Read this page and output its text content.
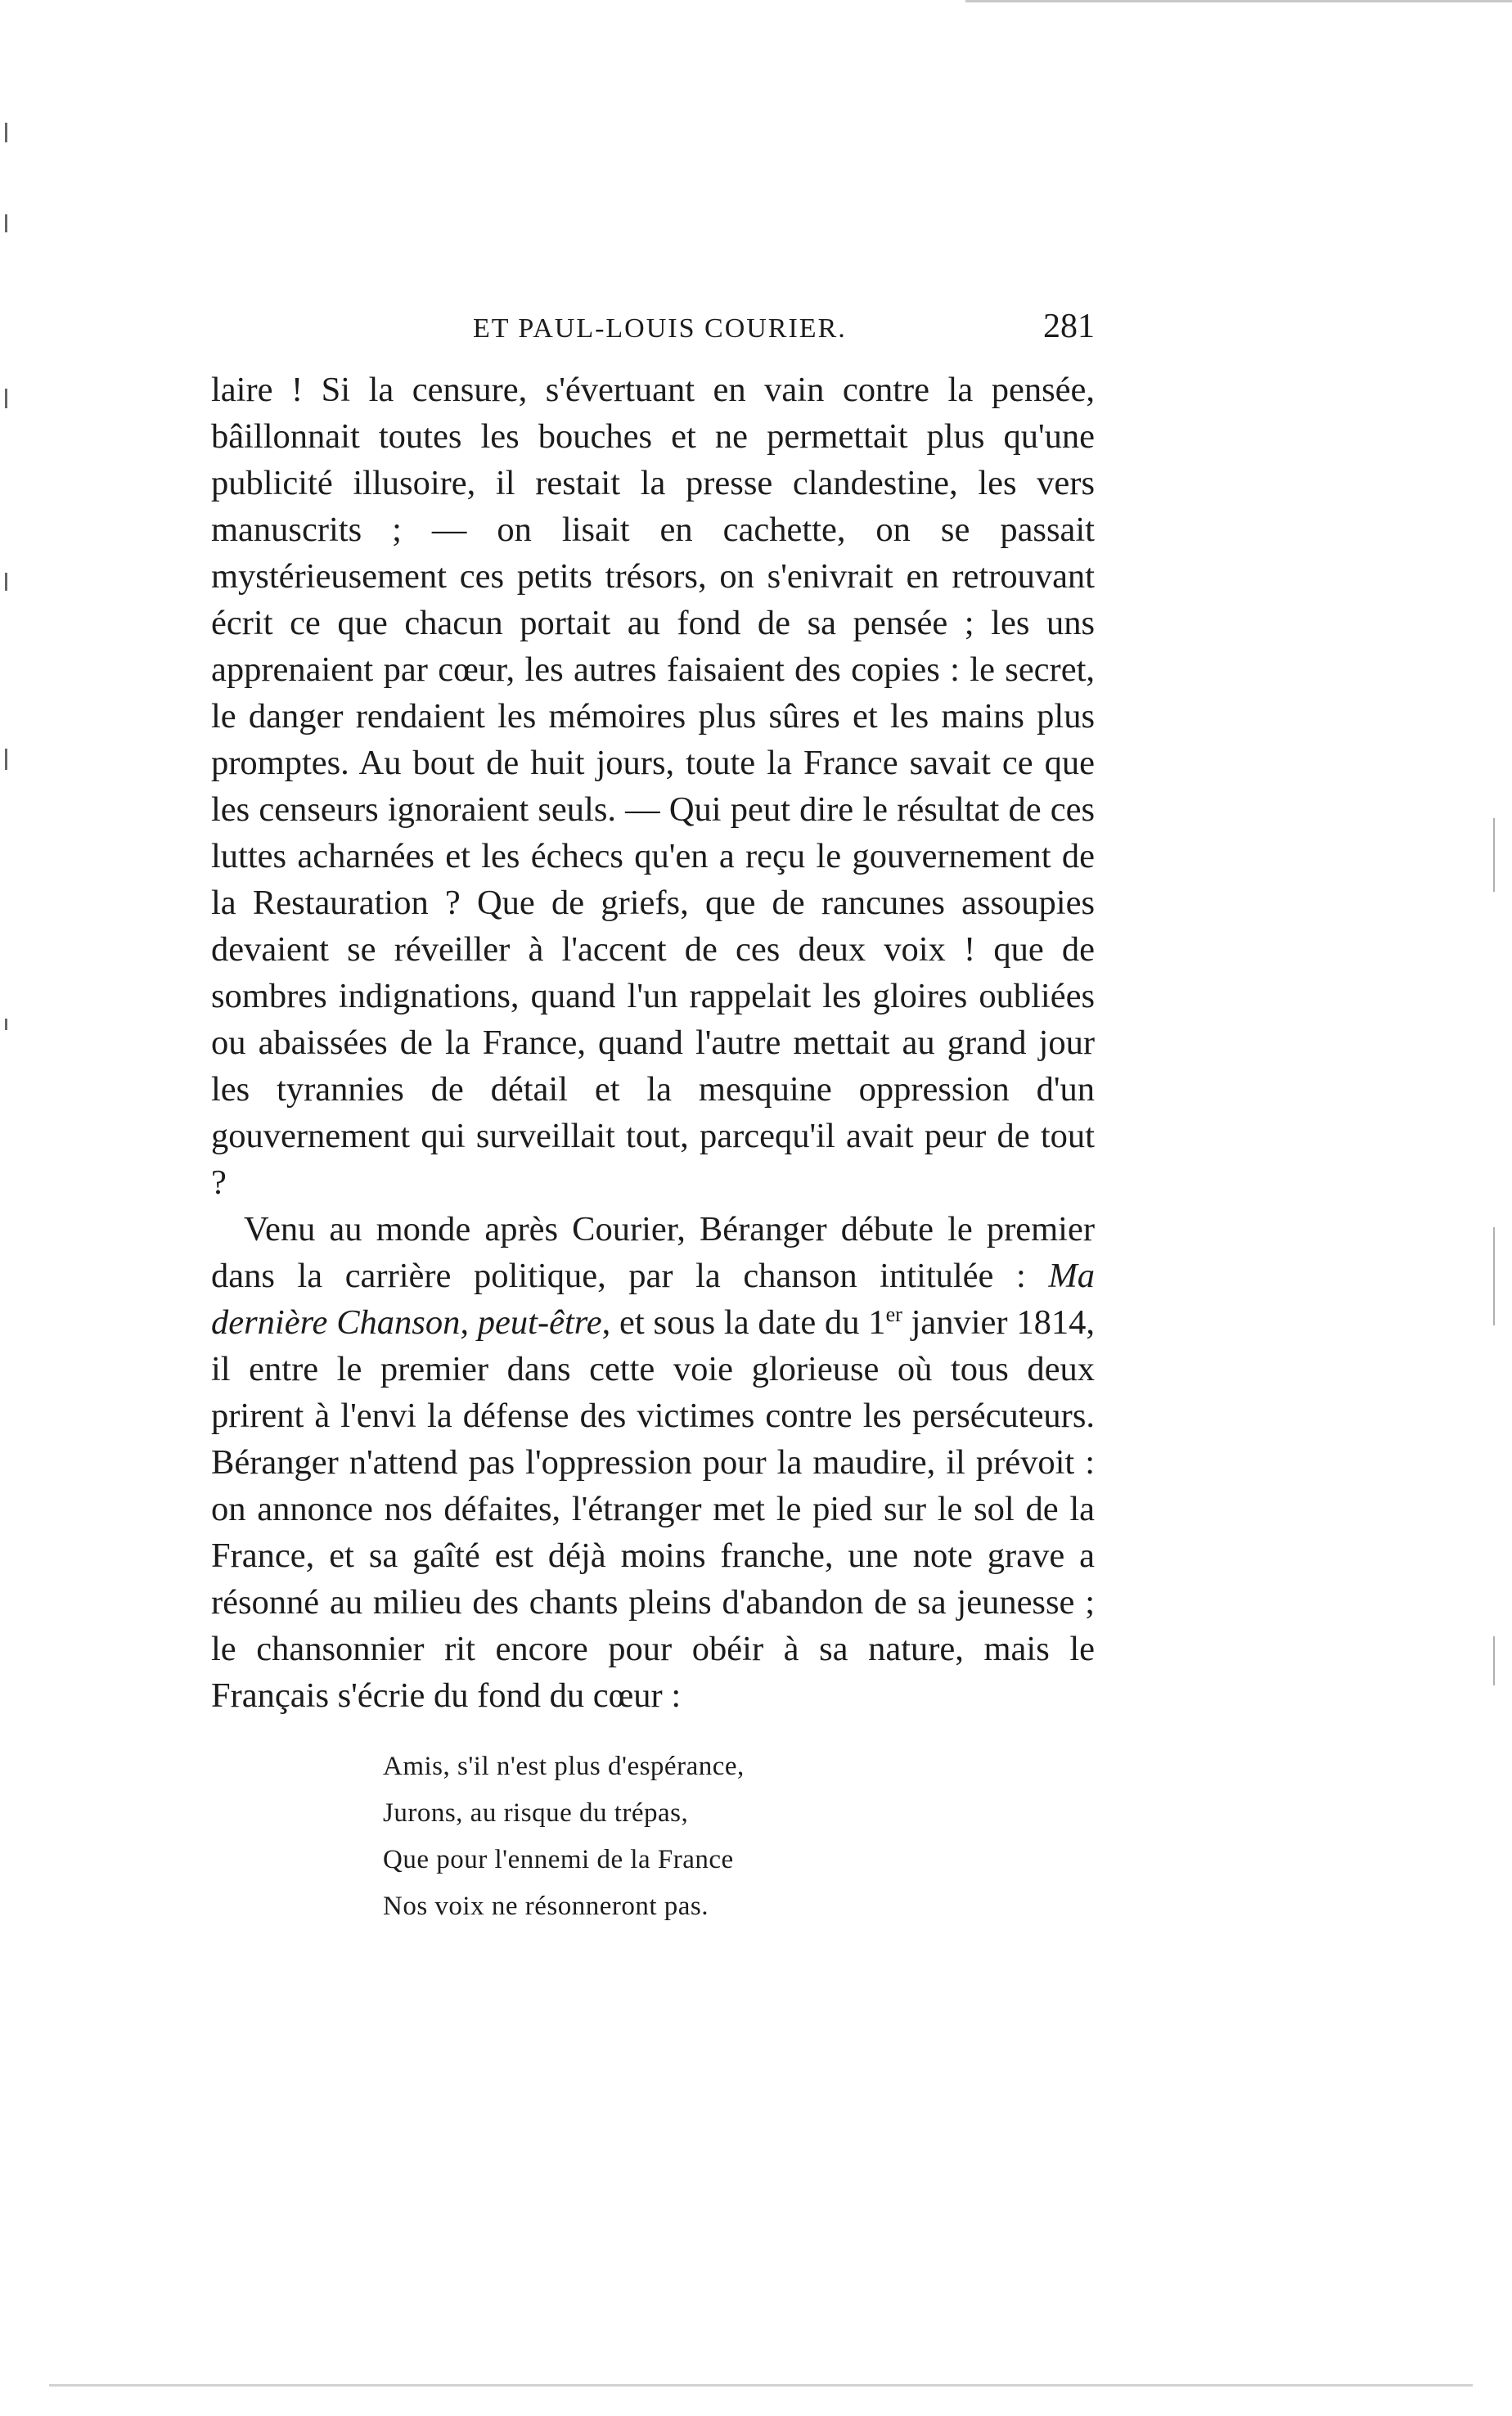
ET PAUL-LOUIS COURIER.	281

laire ! Si la censure, s'évertuant en vain contre la pensée, bâillonnait toutes les bouches et ne permettait plus qu'une publicité illusoire, il restait la presse clandestine, les vers manuscrits ; — on lisait en cachette, on se passait mystérieusement ces petits trésors, on s'enivrait en retrouvant écrit ce que chacun portait au fond de sa pensée ; les uns apprenaient par cœur, les autres faisaient des copies : le secret, le danger rendaient les mémoires plus sûres et les mains plus promptes. Au bout de huit jours, toute la France savait ce que les censeurs ignoraient seuls. — Qui peut dire le résultat de ces luttes acharnées et les échecs qu'en a reçu le gouvernement de la Restauration ? Que de griefs, que de rancunes assoupies devaient se réveiller à l'accent de ces deux voix ! que de sombres indignations, quand l'un rappelait les gloires oubliées ou abaissées de la France, quand l'autre mettait au grand jour les tyrannies de détail et la mesquine oppression d'un gouvernement qui surveillait tout, parcequ'il avait peur de tout ?

Venu au monde après Courier, Béranger débute le premier dans la carrière politique, par la chanson intitulée : Ma dernière Chanson, peut-être, et sous la date du 1er janvier 1814, il entre le premier dans cette voie glorieuse où tous deux prirent à l'envi la défense des victimes contre les persécuteurs. Béranger n'attend pas l'oppression pour la maudire, il prévoit : on annonce nos défaites, l'étranger met le pied sur le sol de la France, et sa gaîté est déjà moins franche, une note grave a résonné au milieu des chants pleins d'abandon de sa jeunesse ; le chansonnier rit encore pour obéir à sa nature, mais le Français s'écrie du fond du cœur :

Amis, s'il n'est plus d'espérance,
Jurons, au risque du trépas,
Que pour l'ennemi de la France
Nos voix ne résonneront pas.
